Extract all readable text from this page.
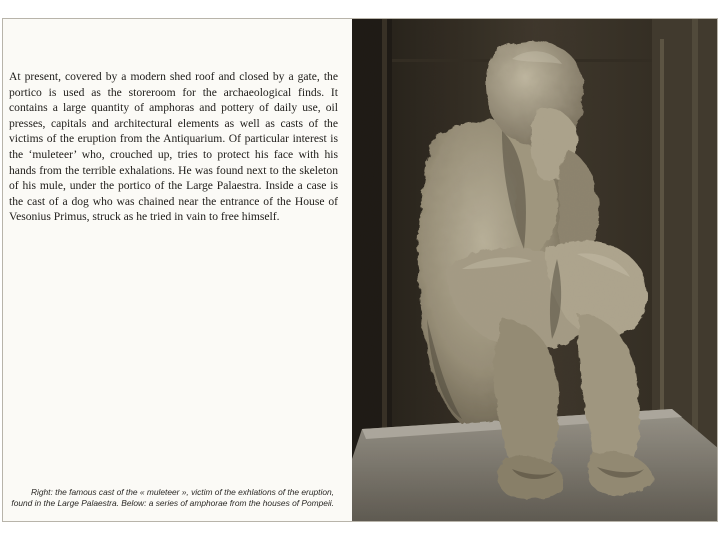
At present, covered by a modern shed roof and closed by a gate, the portico is used as the storeroom for the archaeological finds. It contains a large quantity of amphoras and pottery of daily use, oil presses, capitals and architectural elements as well as casts of the victims of the eruption from the Antiquarium. Of particular interest is the ‘muleteer’ who, crouched up, tries to protect his face with his hands from the terrible exhalations. He was found next to the skeleton of his mule, under the portico of the Large Palaestra. Inside a case is the cast of a dog who was chained near the entrance of the House of Vesonius Primus, struck as he tried in vain to free himself.

Right: the famous cast of the « muleteer », victim of the exhlations of the eruption, found in the Large Palaestra. Below: a series of amphorae from the houses of Pompeii.
